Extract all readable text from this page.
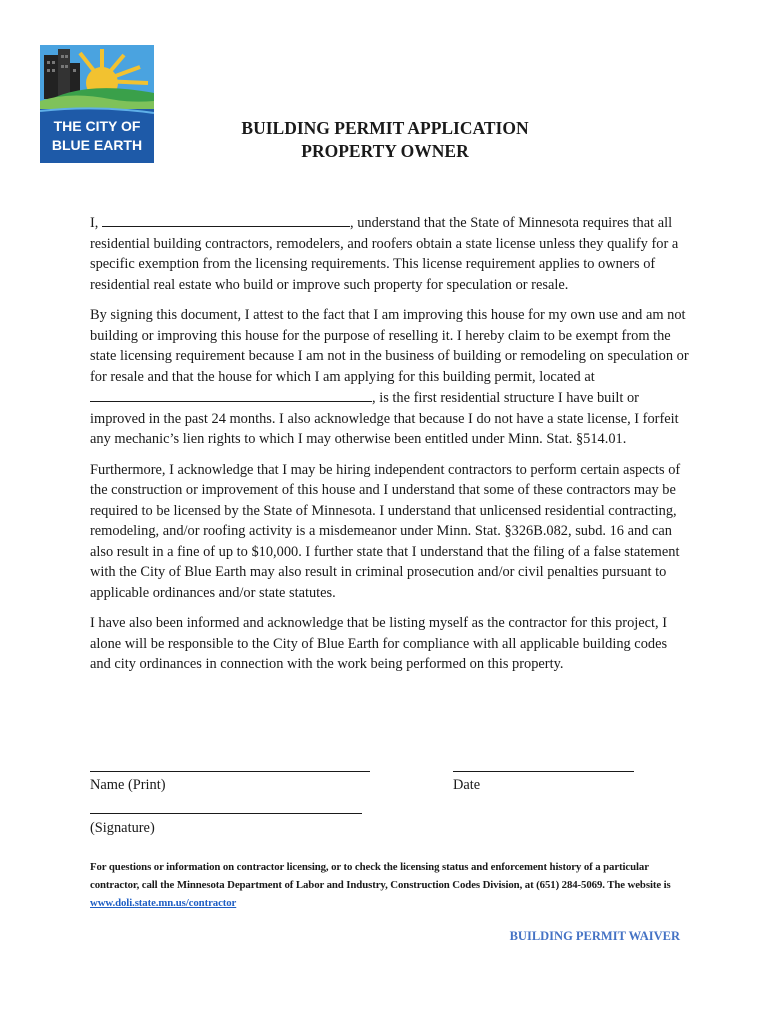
THE CITY OF
BLUE EARTH
BUILDING PERMIT APPLICATION
PROPERTY OWNER

I,	, understand that the State of Minnesota requires that all residential building contractors, remodelers, and roofers obtain a state license unless they qualify for a specific exemption from the licensing requirements. This license requirement applies to owners of residential real estate who build or improve such property for speculation or resale.

By signing this document, I attest to the fact that I am improving this house for my own use and am not building or improving this house for the purpose of reselling it. I hereby claim to be exempt from the state licensing requirement because I am not in the business of building or remodeling on speculation or for resale and that the house for which I am applying for this building permit, located at , is the first residential structure I have built or improved in the past 24 months. I also acknowledge that because I do not have a state license, I forfeit any mechanic’s lien rights to which I may otherwise been entitled under Minn. Stat. §514.01.

Furthermore, I acknowledge that I may be hiring independent contractors to perform certain aspects of the construction or improvement of this house and I understand that some of these contractors may be required to be licensed by the State of Minnesota. I understand that unlicensed residential contracting, remodeling, and/or roofing activity is a misdemeanor under Minn. Stat. §326B.082, subd. 16 and can also result in a fine of up to $10,000. I further state that I understand that the filing of a false statement with the City of Blue Earth may also result in criminal prosecution and/or civil penalties pursuant to applicable ordinances and/or state statutes.

I have also been informed and acknowledge that be listing myself as the contractor for this project, I alone will be responsible to the City of Blue Earth for compliance with all applicable building codes and city ordinances in connection with the work being performed on this property.

Name (Print)	Date
(Signature)
For questions or information on contractor licensing, or to check the licensing status and enforcement history of a particular contractor, call the Minnesota Department of Labor and Industry, Construction Codes Division, at (651) 284-5069. The website is www.doli.state.mn.us/contractor
BUILDING PERMIT WAIVER
